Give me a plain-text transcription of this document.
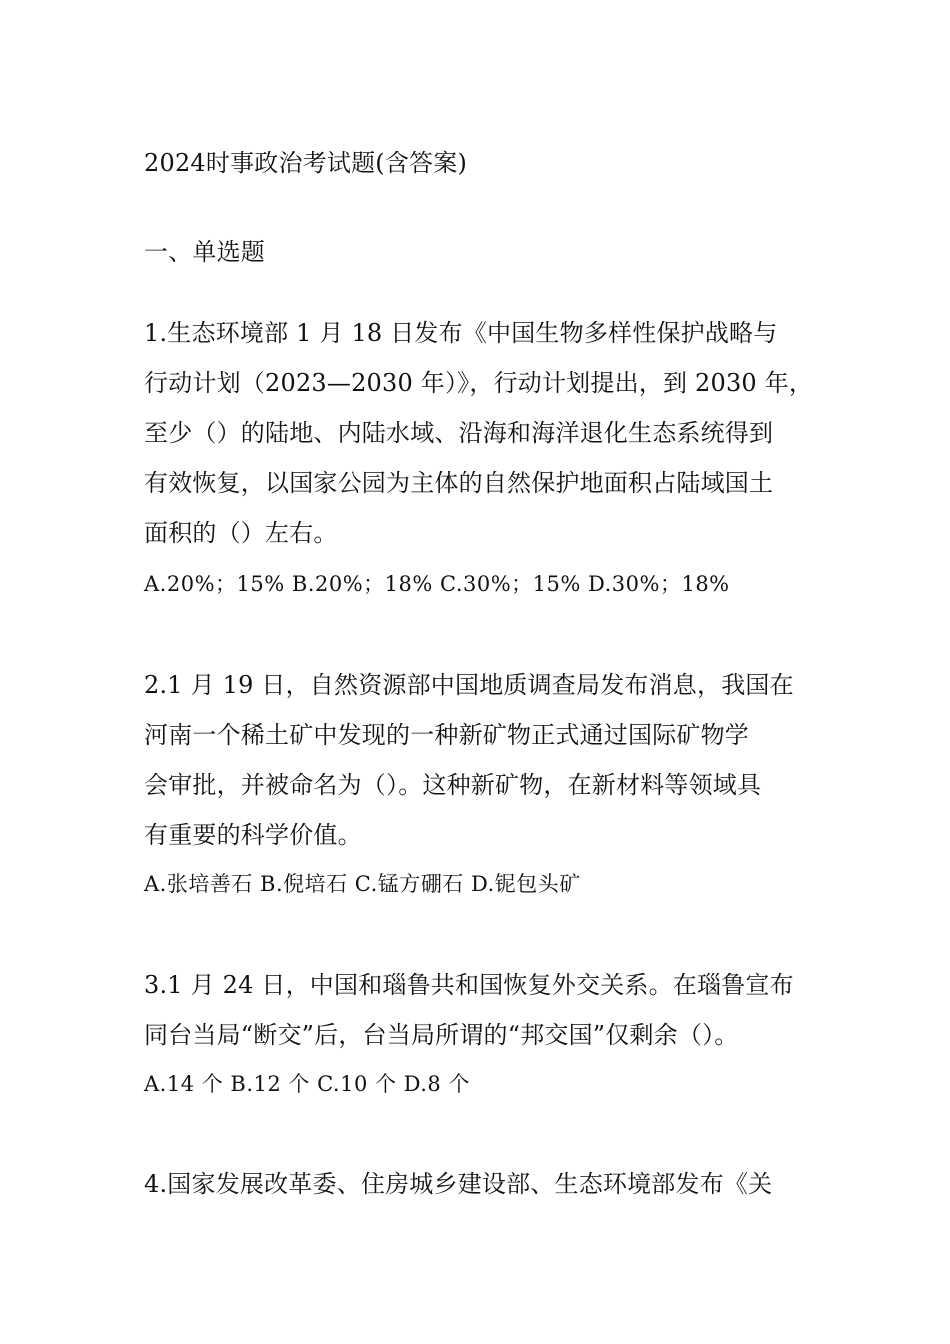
2024时事政治考试题(含答案)
一、单选题
1.生态环境部 1 月 18 日发布《中国生物多样性保护战略与
行动计划（2023—2030 年）》，行动计划提出，到 2030 年，
至少（）的陆地、内陆水域、沿海和海洋退化生态系统得到
有效恢复，以国家公园为主体的自然保护地面积占陆域国土
面积的（）左右。
A.20%；15% B.20%；18% C.30%；15% D.30%；18%
2.1 月 19 日，自然资源部中国地质调查局发布消息，我国在
河南一个稀土矿中发现的一种新矿物正式通过国际矿物学
会审批，并被命名为（）。这种新矿物，在新材料等领域具
有重要的科学价值。
A.张培善石 B.倪培石 C.锰方硼石 D.铌包头矿
3.1 月 24 日，中国和瑙鲁共和国恢复外交关系。在瑙鲁宣布
同台当局“断交”后，台当局所谓的“邦交国”仅剩余（）。
A.14 个 B.12 个 C.10 个 D.8 个
4.国家发展改革委、住房城乡建设部、生态环境部发布《关
